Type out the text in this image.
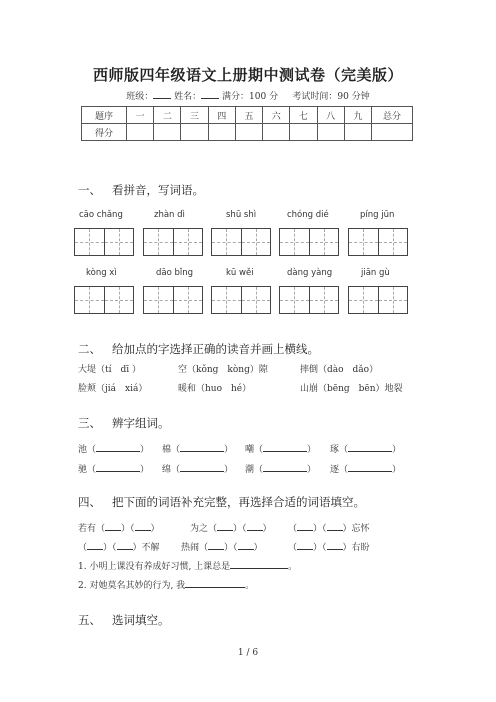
西师版四年级语文上册期中测试卷（完美版）
班级： 姓名： 满分：100 分 考试时间：90 分钟
题序	一	二	三	四	五	六	七	八	九	总分
得分										
一、 看拼音，写词语。
cāo chǎng	zhàn dì	shū shì	chóng dié	píng jūn
kòng xì	dāo bǐng	kū wěi	dàng yàng	jiān gù
二、 给加点的字选择正确的读音并画上横线。
大堤（tí　dī ）	空（kǒng　kòng）隙	摔倒（dào　dǎo）
脸颊（jiá　xiá）	暖和（huo　hé）	山崩（bēng　bēn）地裂
三、 辨字组词。
池（	） 棉（	） 嘲（	） 琢（	）
驰（	） 绵（	） 潮（	） 逐（	）
四、 把下面的词语补充完整，再选择合适的词语填空。
若有（ ）（ ）	为之（ ）（ ） （ ）（ ）忘怀
（ ）（ ）不解 热闹（ ）（ ）	（ ）（ ）右盼
1. 小明上课没有养成好习惯, 上课总是	。
2. 对她莫名其妙的行为, 我	。
五、 选词填空。
1 / 6
